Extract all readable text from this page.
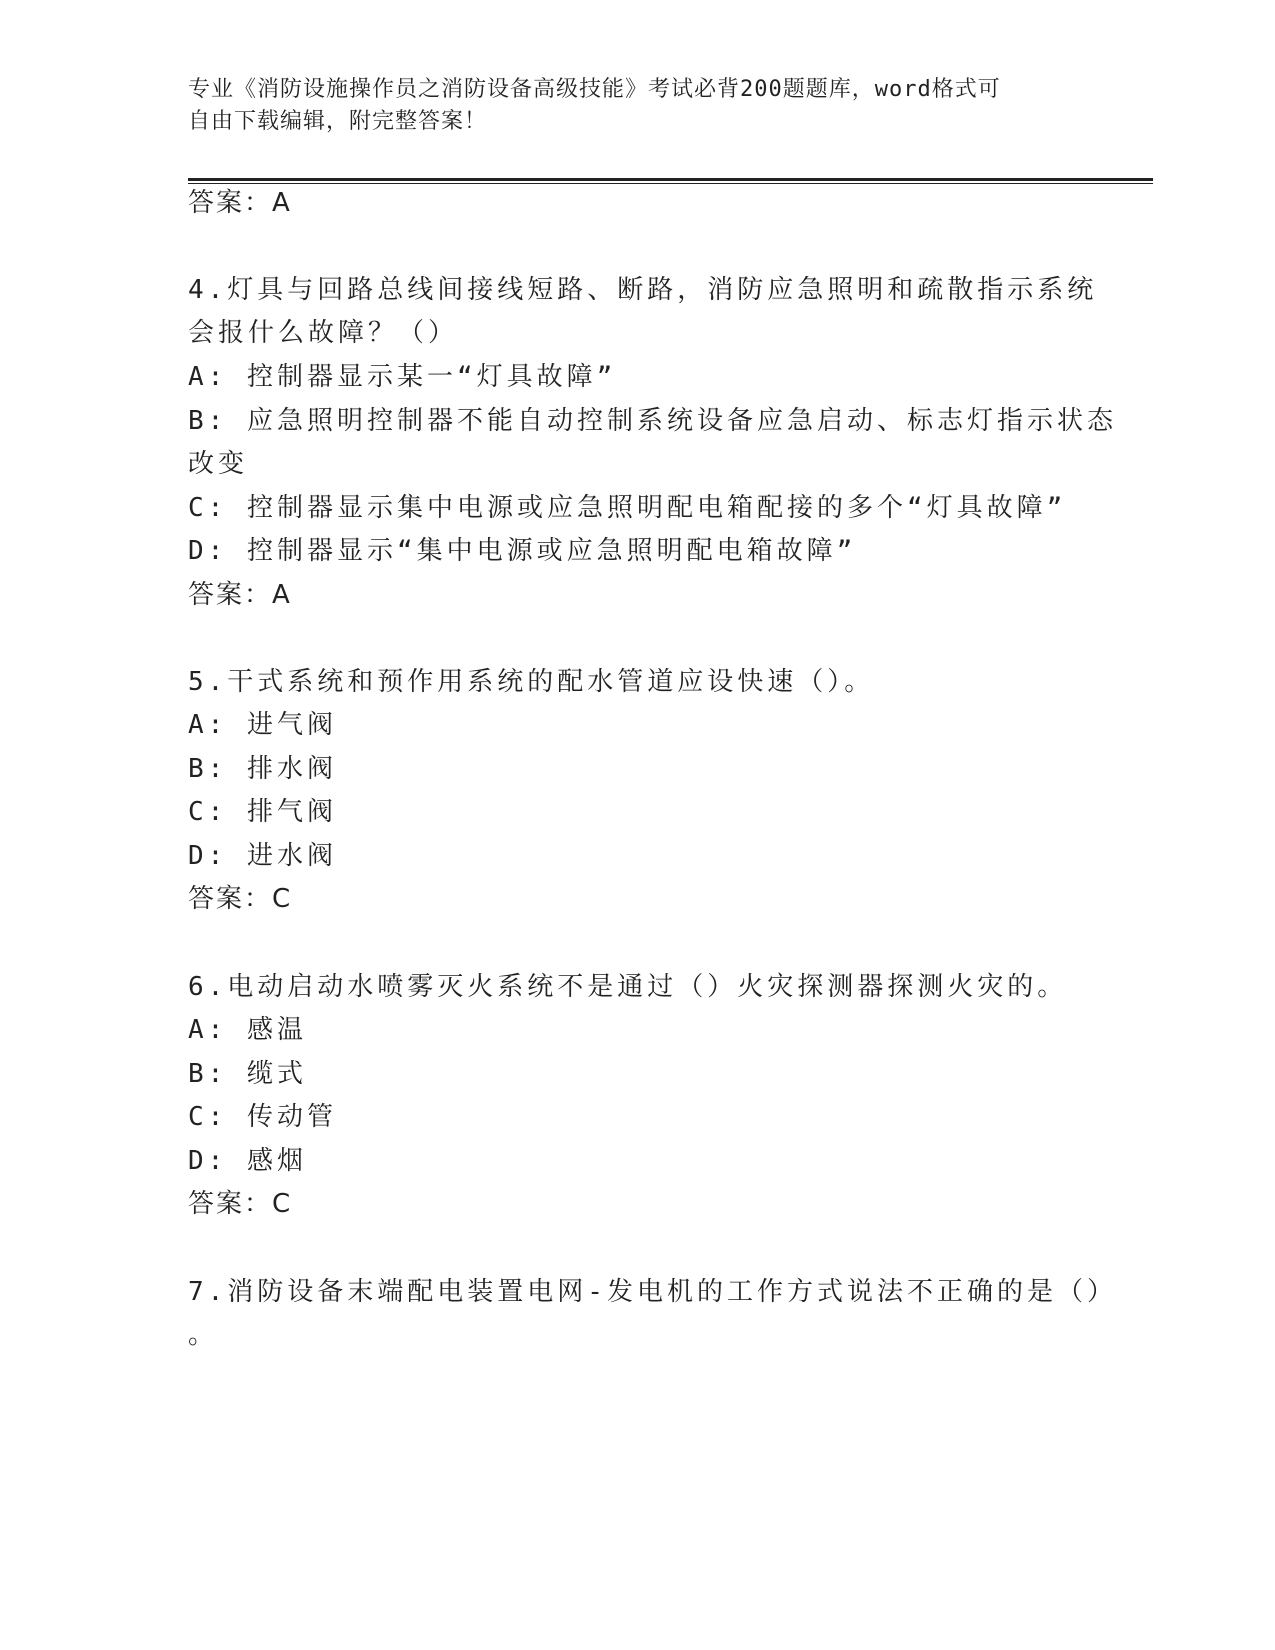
专业《消防设施操作员之消防设备高级技能》考试必背200题题库，word格式可
自由下载编辑，附完整答案！
答案：A
4.灯具与回路总线间接线短路、断路，消防应急照明和疏散指示系统
会报什么故障？（）
A: 控制器显示某一“灯具故障”
B: 应急照明控制器不能自动控制系统设备应急启动、标志灯指示状态
改变
C: 控制器显示集中电源或应急照明配电箱配接的多个“灯具故障”
D: 控制器显示“集中电源或应急照明配电箱故障”
答案：A
5.干式系统和预作用系统的配水管道应设快速（）。
A: 进气阀
B: 排水阀
C: 排气阀
D: 进水阀
答案：C
6.电动启动水喷雾灭火系统不是通过（）火灾探测器探测火灾的。
A: 感温
B: 缆式
C: 传动管
D: 感烟
答案：C
7.消防设备末端配电装置电网-发电机的工作方式说法不正确的是（）
。
